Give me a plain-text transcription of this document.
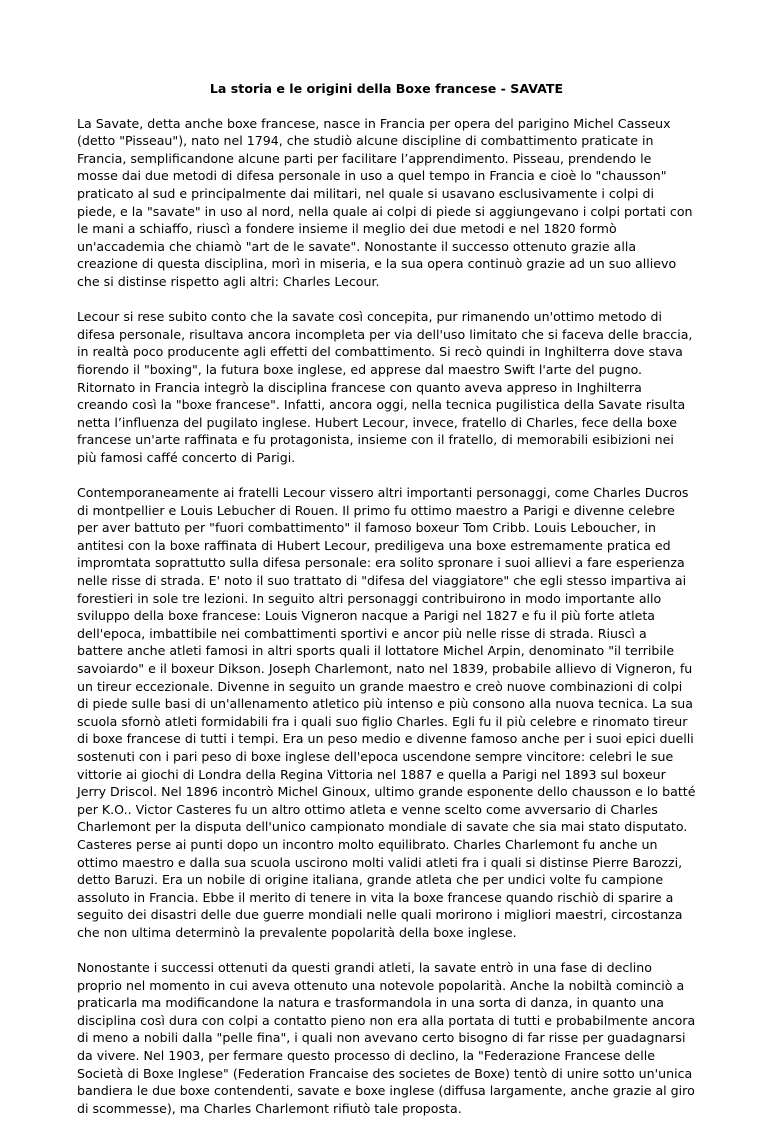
La storia e le origini della Boxe francese - SAVATE

La Savate, detta anche boxe francese, nasce in Francia per opera del parigino Michel Casseux (detto "Pisseau"), nato nel 1794, che studiò alcune discipline di combattimento praticate in Francia, semplificandone alcune parti per facilitare l’apprendimento. Pisseau, prendendo le mosse dai due metodi di difesa personale in uso a quel tempo in Francia e cioè lo "chausson" praticato al sud e principalmente dai militari, nel quale si usavano esclusivamente i colpi di piede, e la "savate" in uso al nord, nella quale ai colpi di piede si aggiungevano i colpi portati con le mani a schiaffo, riuscì a fondere insieme il meglio dei due metodi e nel 1820 formò un'accademia che chiamò "art de le savate". Nonostante il successo ottenuto grazie alla creazione di questa disciplina, morì in miseria, e la sua opera continuò grazie ad un suo allievo che si distinse rispetto agli altri: Charles Lecour.

Lecour si rese subito conto che la savate così concepita, pur rimanendo un'ottimo metodo di difesa personale, risultava ancora incompleta per via dell'uso limitato che si faceva delle braccia, in realtà poco producente agli effetti del combattimento. Si recò quindi in Inghilterra dove stava fiorendo il "boxing", la futura boxe inglese, ed apprese dal maestro Swift l'arte del pugno. Ritornato in Francia integrò la disciplina francese con quanto aveva appreso in Inghilterra creando così la "boxe francese". Infatti, ancora oggi, nella tecnica pugilistica della Savate risulta netta l’influenza del pugilato inglese. Hubert Lecour, invece, fratello di Charles, fece della boxe francese un'arte raffinata e fu protagonista, insieme con il fratello, di memorabili esibizioni nei più famosi caffé concerto di Parigi.

Contemporaneamente ai fratelli Lecour vissero altri importanti personaggi, come Charles Ducros di montpellier e Louis Lebucher di Rouen. Il primo fu ottimo maestro a Parigi e divenne celebre per aver battuto per "fuori combattimento" il famoso boxeur Tom Cribb. Louis Leboucher, in antitesi con la boxe raffinata di Hubert Lecour, prediligeva una boxe estremamente pratica ed impromtata soprattutto sulla difesa personale: era solito spronare i suoi allievi a fare esperienza nelle risse di strada. E' noto il suo trattato di "difesa del viaggiatore" che egli stesso impartiva ai forestieri in sole tre lezioni. In seguito altri personaggi contribuirono in modo importante allo sviluppo della boxe francese: Louis Vigneron nacque a Parigi nel 1827 e fu il più forte atleta dell'epoca, imbattibile nei combattimenti sportivi e ancor più nelle risse di strada. Riuscì a battere anche atleti famosi in altri sports quali il lottatore Michel Arpin, denominato "il terribile savoiardo" e il boxeur Dikson. Joseph Charlemont, nato nel 1839, probabile allievo di Vigneron, fu un tireur eccezionale. Divenne in seguito un grande maestro e creò nuove combinazioni di colpi di piede sulle basi di un'allenamento atletico più intenso e più consono alla nuova tecnica. La sua scuola sfornò atleti formidabili fra i quali suo figlio Charles. Egli fu il più celebre e rinomato tireur di boxe francese di tutti i tempi. Era un peso medio e divenne famoso anche per i suoi epici duelli sostenuti con i pari peso di boxe inglese dell'epoca uscendone sempre vincitore: celebri le sue vittorie ai giochi di Londra della Regina Vittoria nel 1887 e quella a Parigi nel 1893 sul boxeur Jerry Driscol. Nel 1896 incontrò Michel Ginoux, ultimo grande esponente dello chausson e lo batté per K.O.. Victor Casteres fu un altro ottimo atleta e venne scelto come avversario di Charles Charlemont per la disputa dell'unico campionato mondiale di savate che sia mai stato disputato. Casteres perse ai punti dopo un incontro molto equilibrato. Charles Charlemont fu anche un ottimo maestro e dalla sua scuola uscirono molti validi atleti fra i quali si distinse Pierre Barozzi, detto Baruzi. Era un nobile di origine italiana, grande atleta che per undici volte fu campione assoluto in Francia. Ebbe il merito di tenere in vita la boxe francese quando rischiò di sparire a seguito dei disastri delle due guerre mondiali nelle quali morirono i migliori maestri, circostanza che non ultima determinò la prevalente popolarità della boxe inglese.

Nonostante i successi ottenuti da questi grandi atleti, la savate entrò in una fase di declino proprio nel momento in cui aveva ottenuto una notevole popolarità. Anche la nobiltà cominciò a praticarla ma modificandone la natura e trasformandola in una sorta di danza, in quanto una disciplina così dura con colpi a contatto pieno non era alla portata di tutti e probabilmente ancora di meno a nobili dalla "pelle fina", i quali non avevano certo bisogno di far risse per guadagnarsi da vivere. Nel 1903, per fermare questo processo di declino, la "Federazione Francese delle Società di Boxe Inglese" (Federation Francaise des societes de Boxe) tentò di unire sotto un'unica bandiera le due boxe contendenti, savate e boxe inglese (diffusa largamente, anche grazie al giro di scommesse), ma Charles Charlemont rifiutò tale proposta.
